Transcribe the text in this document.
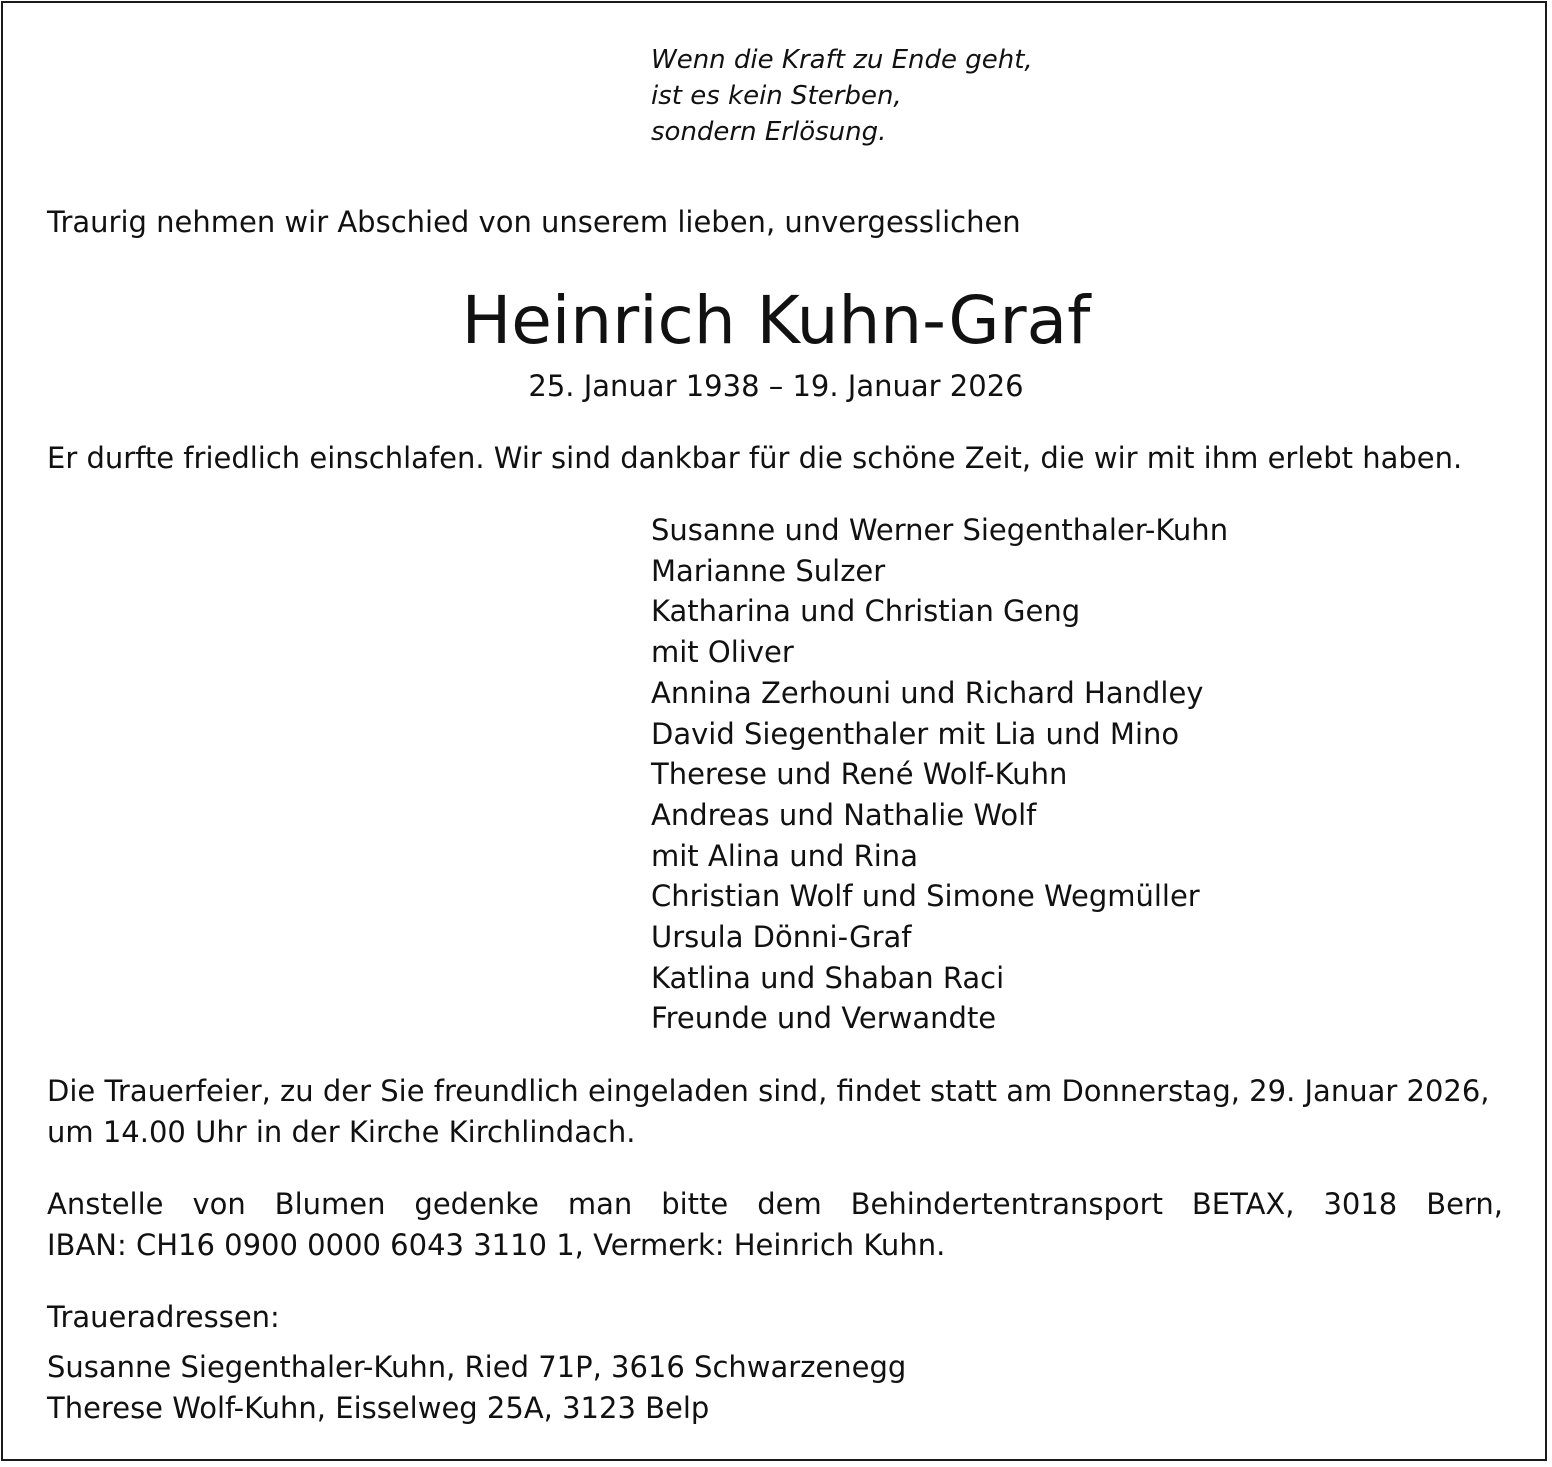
Wenn die Kraft zu Ende geht,
ist es kein Sterben,
sondern Erlösung.
Traurig nehmen wir Abschied von unserem lieben, unvergesslichen
Heinrich Kuhn-Graf
25. Januar 1938 – 19. Januar 2026
Er durfte friedlich einschlafen. Wir sind dankbar für die schöne Zeit, die wir mit ihm erlebt haben.
Susanne und Werner Siegenthaler-Kuhn
Marianne Sulzer
Katharina und Christian Geng
mit Oliver
Annina Zerhouni und Richard Handley
David Siegenthaler mit Lia und Mino
Therese und René Wolf-Kuhn
Andreas und Nathalie Wolf
mit Alina und Rina
Christian Wolf und Simone Wegmüller
Ursula Dönni-Graf
Katlina und Shaban Raci
Freunde und Verwandte
Die Trauerfeier, zu der Sie freundlich eingeladen sind, findet statt am Donnerstag, 29. Januar 2026,
um 14.00 Uhr in der Kirche Kirchlindach.
Anstelle von Blumen gedenke man bitte dem Behindertentransport BETAX, 3018 Bern,
IBAN: CH16 0900 0000 6043 3110 1, Vermerk: Heinrich Kuhn.
Traueradressen:
Susanne Siegenthaler-Kuhn, Ried 71P, 3616 Schwarzenegg
Therese Wolf-Kuhn, Eisselweg 25A, 3123 Belp
